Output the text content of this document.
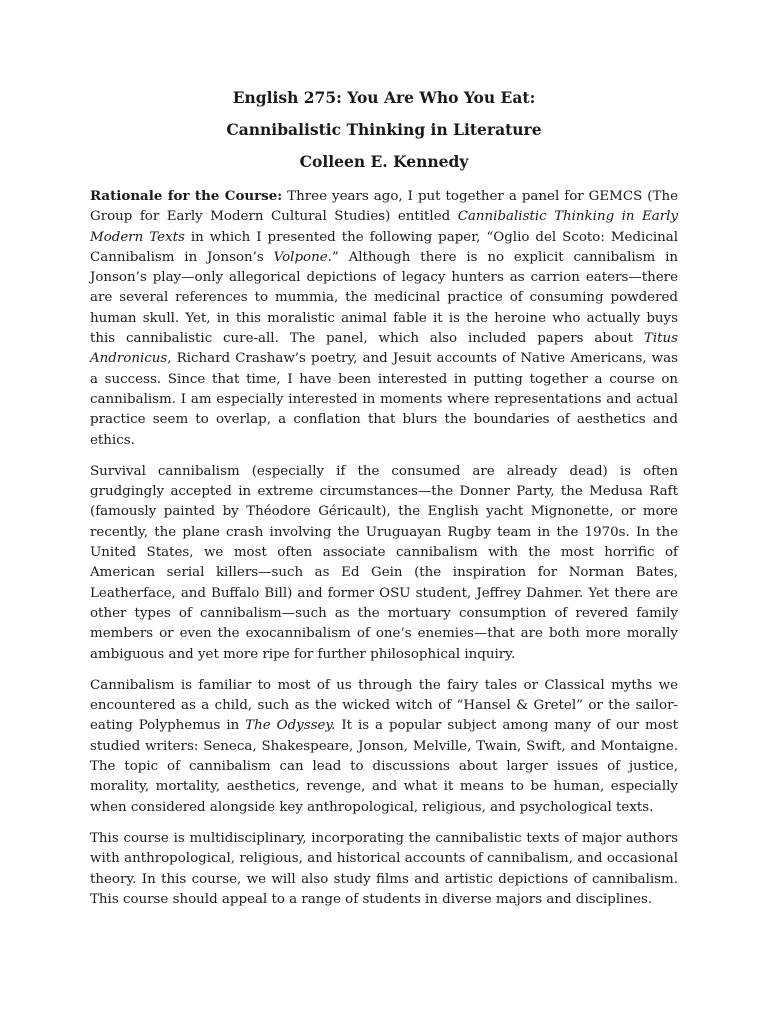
English 275: You Are Who You Eat:
Cannibalistic Thinking in Literature
Colleen E. Kennedy

Rationale for the Course: Three years ago, I put together a panel for GEMCS (The Group for Early Modern Cultural Studies) entitled Cannibalistic Thinking in Early Modern Texts in which I presented the following paper, “Oglio del Scoto: Medicinal Cannibalism in Jonson’s Volpone.” Although there is no explicit cannibalism in Jonson’s play—only allegorical depictions of legacy hunters as carrion eaters—there are several references to mummia, the medicinal practice of consuming powdered human skull. Yet, in this moralistic animal fable it is the heroine who actually buys this cannibalistic cure-all. The panel, which also included papers about Titus Andronicus, Richard Crashaw’s poetry, and Jesuit accounts of Native Americans, was a success. Since that time, I have been interested in putting together a course on cannibalism. I am especially interested in moments where representations and actual practice seem to overlap, a conflation that blurs the boundaries of aesthetics and ethics.

Survival cannibalism (especially if the consumed are already dead) is often grudgingly accepted in extreme circumstances—the Donner Party, the Medusa Raft (famously painted by Théodore Géricault), the English yacht Mignonette, or more recently, the plane crash involving the Uruguayan Rugby team in the 1970s. In the United States, we most often associate cannibalism with the most horrific of American serial killers—such as Ed Gein (the inspiration for Norman Bates, Leatherface, and Buffalo Bill) and former OSU student, Jeffrey Dahmer. Yet there are other types of cannibalism—such as the mortuary consumption of revered family members or even the exocannibalism of one’s enemies—that are both more morally ambiguous and yet more ripe for further philosophical inquiry.

Cannibalism is familiar to most of us through the fairy tales or Classical myths we encountered as a child, such as the wicked witch of “Hansel & Gretel” or the sailor-eating Polyphemus in The Odyssey. It is a popular subject among many of our most studied writers: Seneca, Shakespeare, Jonson, Melville, Twain, Swift, and Montaigne. The topic of cannibalism can lead to discussions about larger issues of justice, morality, mortality, aesthetics, revenge, and what it means to be human, especially when considered alongside key anthropological, religious, and psychological texts.

This course is multidisciplinary, incorporating the cannibalistic texts of major authors with anthropological, religious, and historical accounts of cannibalism, and occasional theory. In this course, we will also study films and artistic depictions of cannibalism. This course should appeal to a range of students in diverse majors and disciplines.
